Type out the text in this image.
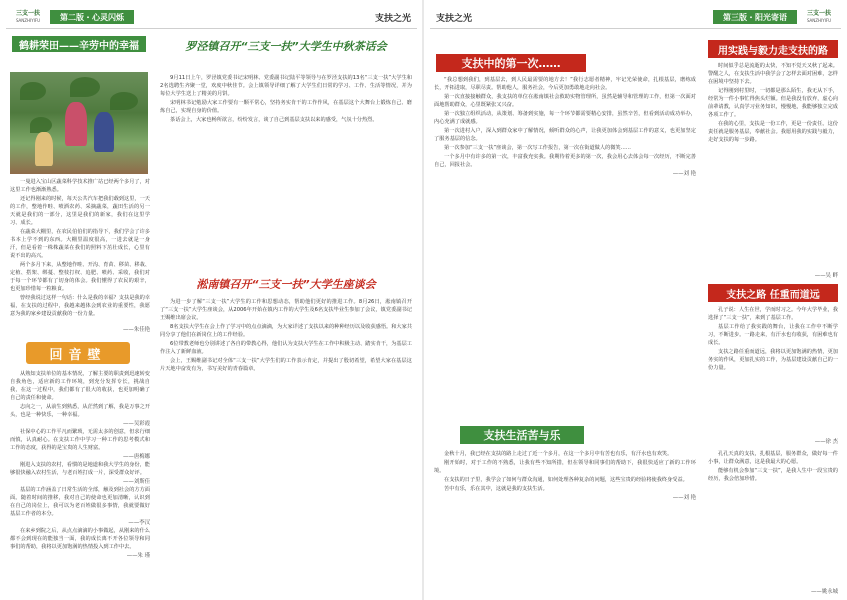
三支一扶
SANZHIYIFU	第二版・心灵闪烁	支扶之光
鹤耕荣田——辛劳中的幸福

一曼进入宝山区蔬菜科学技术推广站已经两个多月了，对这里工作也渐渐熟悉。

还记得刚来的时候，每天公共汽车把我们载到这里，一天的工作，整地作畦、喷洒农药、采摘蔬菜，蔬田生活的另一天就是我们的一部分，这里是我们的新家，我们在这里学习、成长。

在蔬菜大棚里，在农民伯伯们的指导下，我们学会了许多书本上学不到的东西。大棚里温度很高，一进去就是一身汗，但是看着一株株蔬菜在我们的照料下茁壮成长，心里有说不出的高兴。

两个多月下来，从整地作畦、开沟、育苗、移苗、移栽、定植、搭架、绑蔓、整枝打杈、追肥、喷药、采收，我们对于每一个环节都有了切身的体会。我们懂得了农民的艰辛，也更加珍惜每一粒粮食。

曾经我说过这样一句话：什么是我的幸福？支扶是我的幸福，在支扶的过程中，我越来越体会到农业的重要性，我愿意为我的家乡建设贡献我的一份力量。

——朱佳艳
回音壁

从熟知支扶单位的基本情况，了解主要的职责到迅速转变自我角色，适应新的工作环境，到充分发挥专长，挑战自我，在这一过程中，我们都有了很大的收获，也更加明确了自己的责任和使命。

志向之一，从前生到熟悉，从茫然到了解，我是万事之开头，也是一种快乐，一种幸福。

——吴彩霞

社保中心的工作平凡而繁琐，无需太多的创意，但求行细而慎，认真耐心。在支扶工作中学习一种工作的思考模式和工作的态度，获得的是宝贵的人生财富。

——唐梅娜

刚进入支扶的农村，看惯的是地道和我大学生的身份，能够很快融入农村生活，与老百姓打成一片，深受群众好评。

——刘斯佳

基层的工作涵盖了日常生活的全部，触及到社会的方方面面。随着时间的推移，我对自己的使命也更加清晰，认识到在自己的岗位上，我可以为老百姓做很多事情，我就要做好基层工作者的本分。

——李汉

在来乡到院之后，从点点滴滴的小事做起，从刚来的什么都不会到现在的能独当一面，我的成长离不开各位领导和同事们的帮助，我将以更加饱满的热情投入到工作中去。

——朱 瑾
罗泾镇召开“三支一扶”大学生中秋茶话会

9月11日上午，罗泾镇党委书记宋明林、党委副书记陆平等领导与在罗泾支扶的13名“三支一扶”大学生和2名选聘生齐聚一堂，欢度中秋佳节。会上镇领导详细了解了大学生们日常的学习、工作、生活等情况，并为每位大学生送上了精美的月饼。

宋明林书记勉励大家工作要有一颗平常心，坚持务实肯干的工作作风，在基层这个大舞台上锻炼自己、磨炼自己，实现自身的价值。

茶话会上，大家也畅所欲言，纷纷发言，谈了自己到基层支扶以来的感受，气氛十分热烈。

淞南镇召开“三支一扶”大学生座谈会

为进一步了解“三支一扶”大学生的工作和思想动态，帮助他们更好的推进工作。8月26日，淞南镇召开了“三支一扶”大学生座谈会，从2006年开始在镇内工作的大学生及6名支扶毕业生参加了会议，镇党委副书记王赐维出席会议。

8名支扶大学生在会上作了学习中的点点滴滴，为大家详述了支扶以来的种种经历以及收获感悟。和大家共同分享了他们在新岗位上的工作经验。

6位带教老师也分别讲述了各自的带教心得，他们认为支扶大学生在工作中积极主动、踏实肯干，为基层工作注入了新鲜血液。

会上，王赐维副书记对全体“三支一扶”大学生们的工作表示肯定，并提出了殷切希望，希望大家在基层这片天地中奋发有为，书写美好的青春篇章。

支扶之光	第三版・阳光寄语	三支一扶
SANZHIYIFU
支扶中的第一次……

“我总想到我们，到基层去，到人民最需要的地方去！”我行志愿者精神，牢记光荣使命，扎根基层，磨练成长，开拓进取，尽职尽责。帮助他人，服务社会，今后更加勇敢地走向社会。

第一次直接接触群众，我支扶的单位在淞南镇社会救助实物管理所，虽然是辅导和管理的工作，但第一次面对面地帮助群众，心里既紧张又兴奋。

第一次独立组织活动，从策划、筹备到实施，每一个环节都需要精心安排，虽然辛苦，但看到活动成功举办，内心充满了成就感。

第一次进村入户，深入到群众家中了解情况，倾听群众的心声，让我更加体会到基层工作的意义，也更加坚定了服务基层的信念。

第一次参加“三支一扶”座谈会，第一次写工作报告，第一次在街道做人的微笑……

一个多月中有许多的第一次，丰富我充实我。我期待着更多的第一次，我会用心去体会每一次经历，不断完善自己，回报社会。

——刘 艳
支扶生活苦与乐

金秋十月，我已经在支扶的路上走过了近一个多月，在这一个多月中有苦也有乐，有汗水也有欢笑。

刚开始时，对于工作的不熟悉，让我有些不知所措，但在领导和同事们的帮助下，我很快适应了新的工作环境。

在支扶的日子里，我学会了如何与群众沟通，如何处理各种复杂的问题，这些宝贵的经验将使我终身受益。

苦中有乐，乐在其中，这就是我的支扶生活。

——刘 艳
用实践与毅力走支扶的路

时间似乎总是流逝的太快，不知不觉天又秋了起来。警醒之人，在支扶生活中我学会了怎样去面对困难，怎样在困境中坚持下去。

记得刚到村里时，一切都是那么陌生，我无从下手，经常为一件小事忙得焦头烂额。但是我没有放弃，虚心向前辈请教，认真学习业务知识，慢慢地，我能够独立完成各项工作了。

在我的心里，支扶是一份工作，更是一份责任。这份责任就是服务基层，奉献社会。我愿用我的实践与毅力，走好支扶的每一步路。

——吴 畔
支扶之路 任重而道远

孔子说：人生在世，学而时习之。今年大学毕业，我选择了“三支一扶”，来到了基层工作。

基层工作给了我实践的舞台，让我在工作中不断学习，不断进步。一路走来，有汗水也有收获，有困难也有成长。

支扶之路任重而道远，我将以更加饱满的热情，更加务实的作风，更加扎实的工作，为基层建设贡献自己的一份力量。

——徐 杰

孔孔天真的支扶，扎根基层，服务群众，做好每一件小事，让群众满意，这是我最大的心愿。

能够有机会参加“三支一扶”，是我人生中一段宝贵的经历，我会倍加珍惜。

——姚永城
